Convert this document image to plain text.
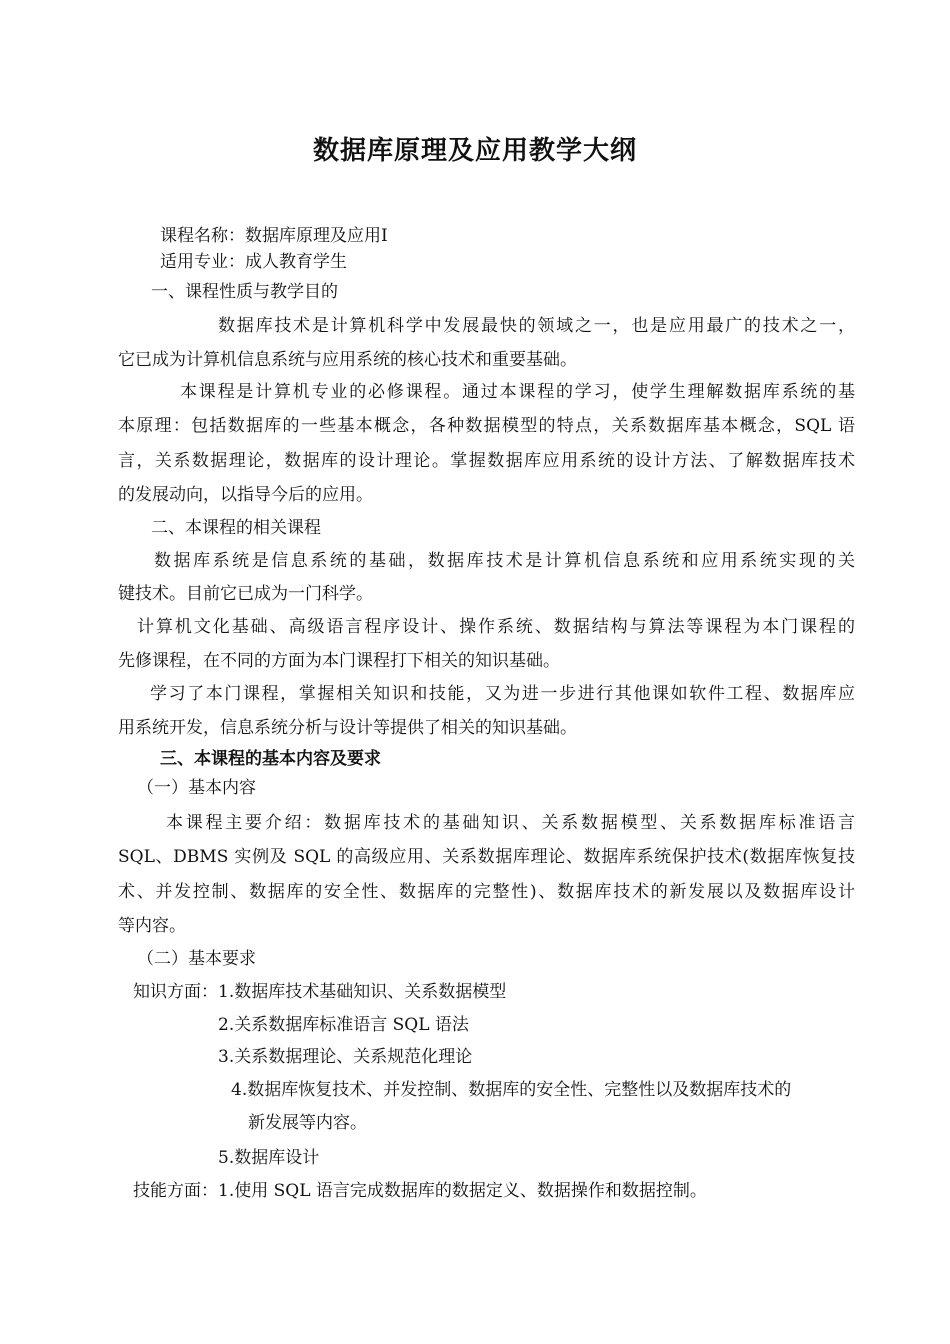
数据库原理及应用教学大纲
课程名称：数据库原理及应用Ⅰ
适用专业：成人教育学生
一、课程性质与教学目的
数据库技术是计算机科学中发展最快的领域之一，也是应用最广的技术之一，
它已成为计算机信息系统与应用系统的核心技术和重要基础。
本课程是计算机专业的必修课程。通过本课程的学习，使学生理解数据库系统的基
本原理：包括数据库的一些基本概念，各种数据模型的特点，关系数据库基本概念，SQL 语
言，关系数据理论，数据库的设计理论。掌握数据库应用系统的设计方法、了解数据库技术
的发展动向，以指导今后的应用。
二、本课程的相关课程
数据库系统是信息系统的基础，数据库技术是计算机信息系统和应用系统实现的关
键技术。目前它已成为一门科学。
计算机文化基础、高级语言程序设计、操作系统、数据结构与算法等课程为本门课程的
先修课程，在不同的方面为本门课程打下相关的知识基础。
学习了本门课程，掌握相关知识和技能，又为进一步进行其他课如软件工程、数据库应
用系统开发，信息系统分析与设计等提供了相关的知识基础。
三、本课程的基本内容及要求
（一）基本内容
本课程主要介绍：数据库技术的基础知识、关系数据模型、关系数据库标准语言
SQL、DBMS 实例及 SQL 的高级应用、关系数据库理论、数据库系统保护技术(数据库恢复技
术、并发控制、数据库的安全性、数据库的完整性)、数据库技术的新发展以及数据库设计
等内容。
（二）基本要求
知识方面：1.数据库技术基础知识、关系数据模型
2.关系数据库标准语言 SQL 语法
3.关系数据理论、关系规范化理论
4.数据库恢复技术、并发控制、数据库的安全性、完整性以及数据库技术的
新发展等内容。
5.数据库设计
技能方面：1.使用 SQL 语言完成数据库的数据定义、数据操作和数据控制。
